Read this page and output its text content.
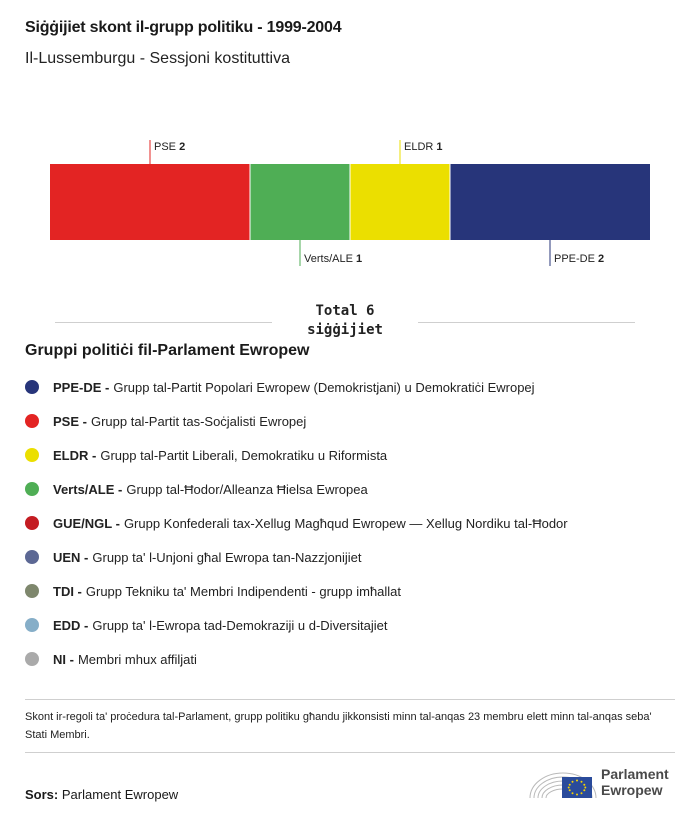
Siġġijiet skont il-grupp politiku - 1999-2004
Il-Lussemburgu - Sessjoni kostituttiva
PSE 2
Verts/ALE 1
ELDR 1
PPE-DE 2
Total 6
siġġijiet
Gruppi politiċi fil-Parlament Ewropew
PPE-DE - Grupp tal-Partit Popolari Ewropew (Demokristjani) u Demokratiċi Ewropej
PSE - Grupp tal-Partit tas-Soċjalisti Ewropej
ELDR - Grupp tal-Partit Liberali, Demokratiku u Riformista
Verts/ALE - Grupp tal-Ħodor/Alleanza Ħielsa Ewropea
GUE/NGL - Grupp Konfederali tax-Xellug Magħqud Ewropew — Xellug Nordiku tal-Ħodor
UEN - Grupp ta' l-Unjoni għal Ewropa tan-Nazzjonijiet
TDI - Grupp Tekniku ta' Membri Indipendenti - grupp imħallat
EDD - Grupp ta' l-Ewropa tad-Demokraziji u d-Diversitajiet
NI - Membri mhux affiljati
Skont ir-regoli ta' proċedura tal-Parlament, grupp politiku għandu jikkonsisti minn tal-anqas 23 membru elett minn tal-anqas seba' Stati Membri.
Sors: Parlament Ewropew
Parlament
Ewropew
